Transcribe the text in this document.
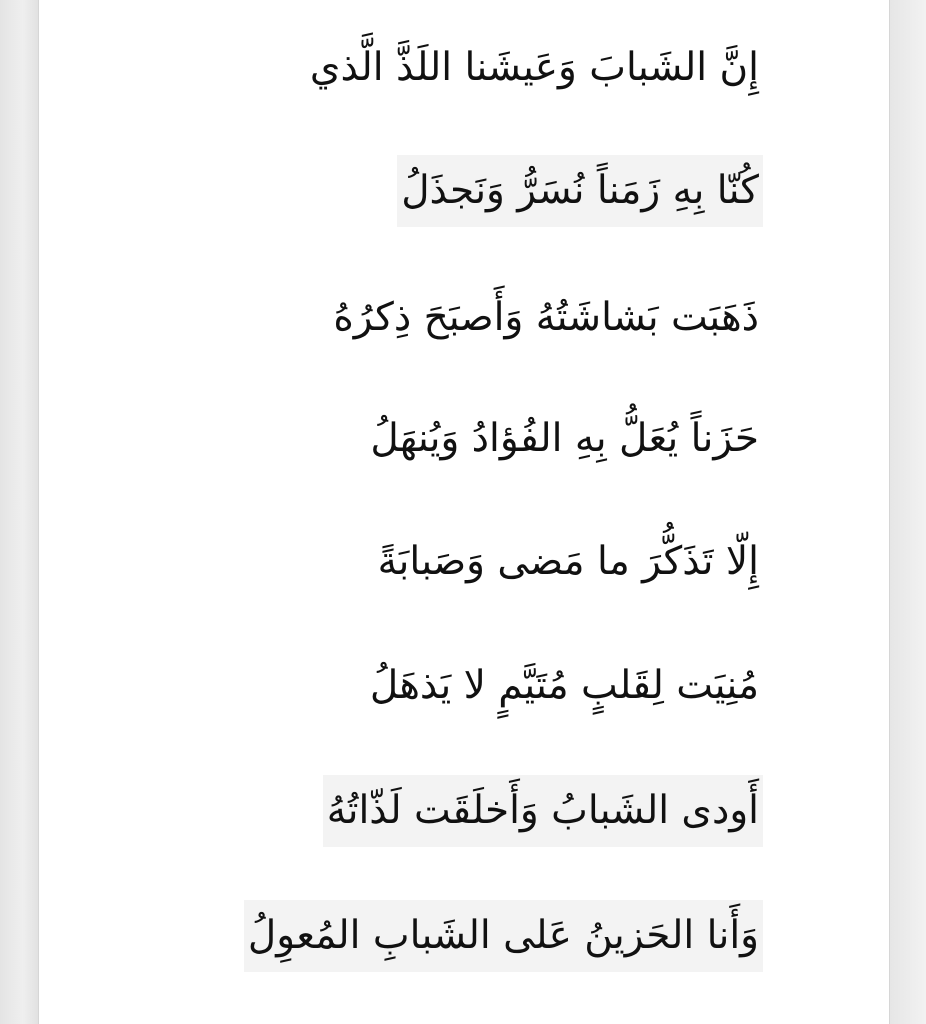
إِنَّ الشَبابَ وَعَيشَنا اللَذَّ الَّذي
كُنّا بِهِ زَمَناً نُسَرُّ وَنَجذَلُ
ذَهَبَت بَشاشَتُهُ وَأَصبَحَ ذِكرُهُ
حَزَناً يُعَلُّ بِهِ الفُؤادُ وَيُنهَلُ
إِلّا تَذَكُّرَ ما مَضى وَصَبابَةً
مُنِيَت لِقَلبٍ مُتَيَّمٍ لا يَذهَلُ
أَودى الشَبابُ وَأَخلَقَت لَذّاتُهُ
وَأَنا الحَزينُ عَلى الشَبابِ المُعوِلُ
